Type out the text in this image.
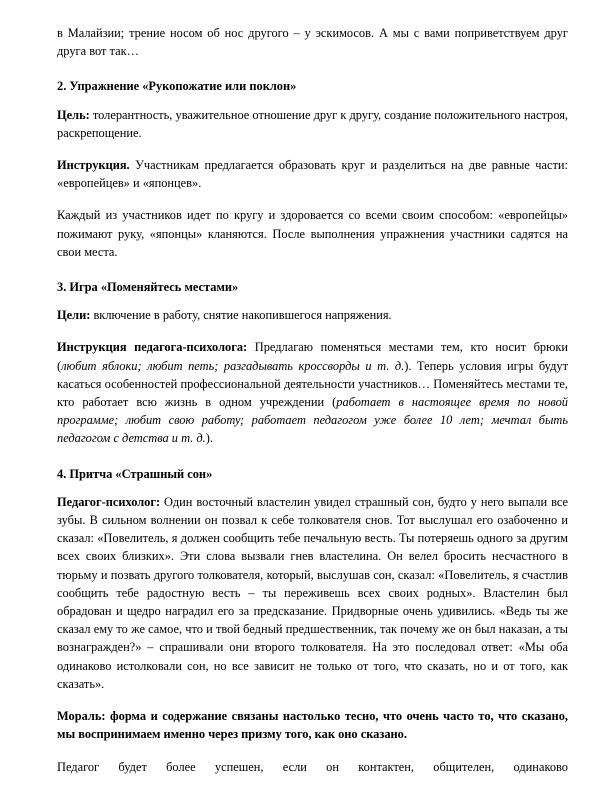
в Малайзии; трение носом об нос другого – у эскимосов. А мы с вами поприветствуем друг друга вот так…

2. Упражнение «Рукопожатие или поклон»

Цель: толерантность, уважительное отношение друг к другу, создание положительного настроя, раскрепощение.

Инструкция. Участникам предлагается образовать круг и разделиться на две равные части: «европейцев» и «японцев».

Каждый из участников идет по кругу и здоровается со всеми своим способом: «европейцы» пожимают руку, «японцы» кланяются. После выполнения упражнения участники садятся на свои места.

3. Игра «Поменяйтесь местами»

Цели: включение в работу, снятие накопившегося напряжения.

Инструкция педагога-психолога: Предлагаю поменяться местами тем, кто носит брюки (любит яблоки; любит петь; разгадывать кроссворды и т. д.). Теперь условия игры будут касаться особенностей профессиональной деятельности участников… Поменяйтесь местами те, кто работает всю жизнь в одном учреждении (работает в настоящее время по новой программе; любит свою работу; работает педагогом уже более 10 лет; мечтал быть педагогом с детства и т. д.).

4. Притча «Страшный сон»

Педагог-психолог: Один восточный властелин увидел страшный сон, будто у него выпали все зубы. В сильном волнении он позвал к себе толкователя снов. Тот выслушал его озабоченно и сказал: «Повелитель, я должен сообщить тебе печальную весть. Ты потеряешь одного за другим всех своих близких». Эти слова вызвали гнев властелина. Он велел бросить несчастного в тюрьму и позвать другого толкователя, который, выслушав сон, сказал: «Повелитель, я счастлив сообщить тебе радостную весть – ты переживешь всех своих родных». Властелин был обрадован и щедро наградил его за предсказание. Придворные очень удивились. «Ведь ты же сказал ему то же самое, что и твой бедный предшественник, так почему же он был наказан, а ты вознагражден?» – спрашивали они второго толкователя. На это последовал ответ: «Мы оба одинаково истолковали сон, но все зависит не только от того, что сказать, но и от того, как сказать».

Мораль: форма и содержание связаны настолько тесно, что очень часто то, что сказано, мы воспринимаем именно через призму того, как оно сказано.

Педагог будет более успешен, если он контактен, общителен, одинаково
